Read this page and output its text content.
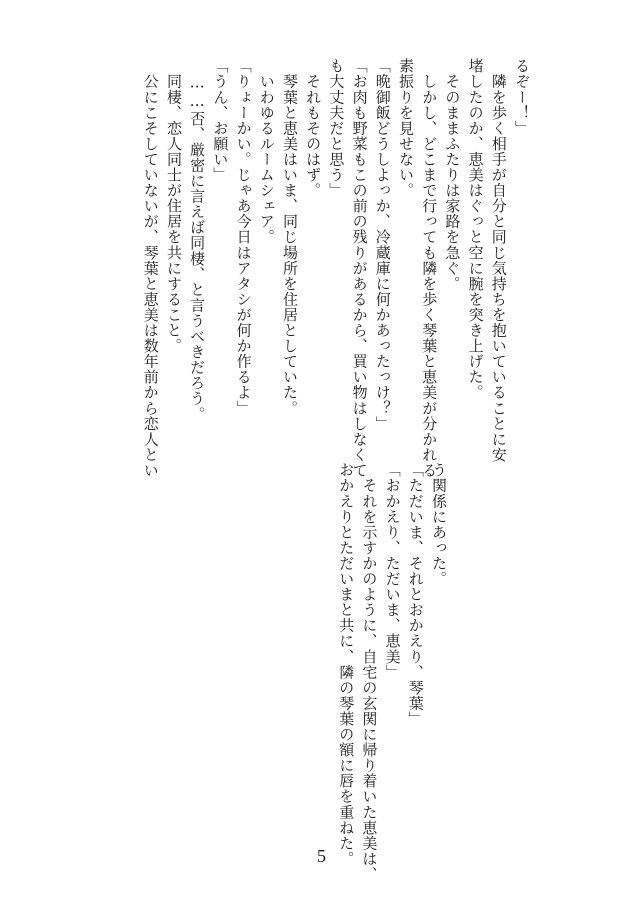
るぞー！」
　隣を歩く相手が自分と同じ気持ちを抱いていることに安
堵したのか、恵美はぐっと空に腕を突き上げた。
　そのままふたりは家路を急ぐ。
　しかし、どこまで行っても隣を歩く琴葉と恵美が分かれる
素振りを見せない。
「晩御飯どうしよっか、冷蔵庫に何かあったっけ？」
「お肉も野菜もこの前の残りがあるから、買い物はしなくて
も大丈夫だと思う」
　それもそのはず。
　琴葉と恵美はいま、同じ場所を住居としていた。
　いわゆるルームシェア。
「りょーかい。じゃあ今日はアタシが何か作るよ」
「うん、お願い」
　……否、厳密に言えば同棲、と言うべきだろう。
　同棲、恋人同士が住居を共にすること。
　公にこそしていないが、琴葉と恵美は数年前から恋人とい
う関係にあった。
「ただいま、それとおかえり、琴葉」
「おかえり、ただいま、恵美」
　それを示すかのように、自宅の玄関に帰り着いた恵美は、
おかえりとただいまと共に、隣の琴葉の額に唇を重ねた。
5
